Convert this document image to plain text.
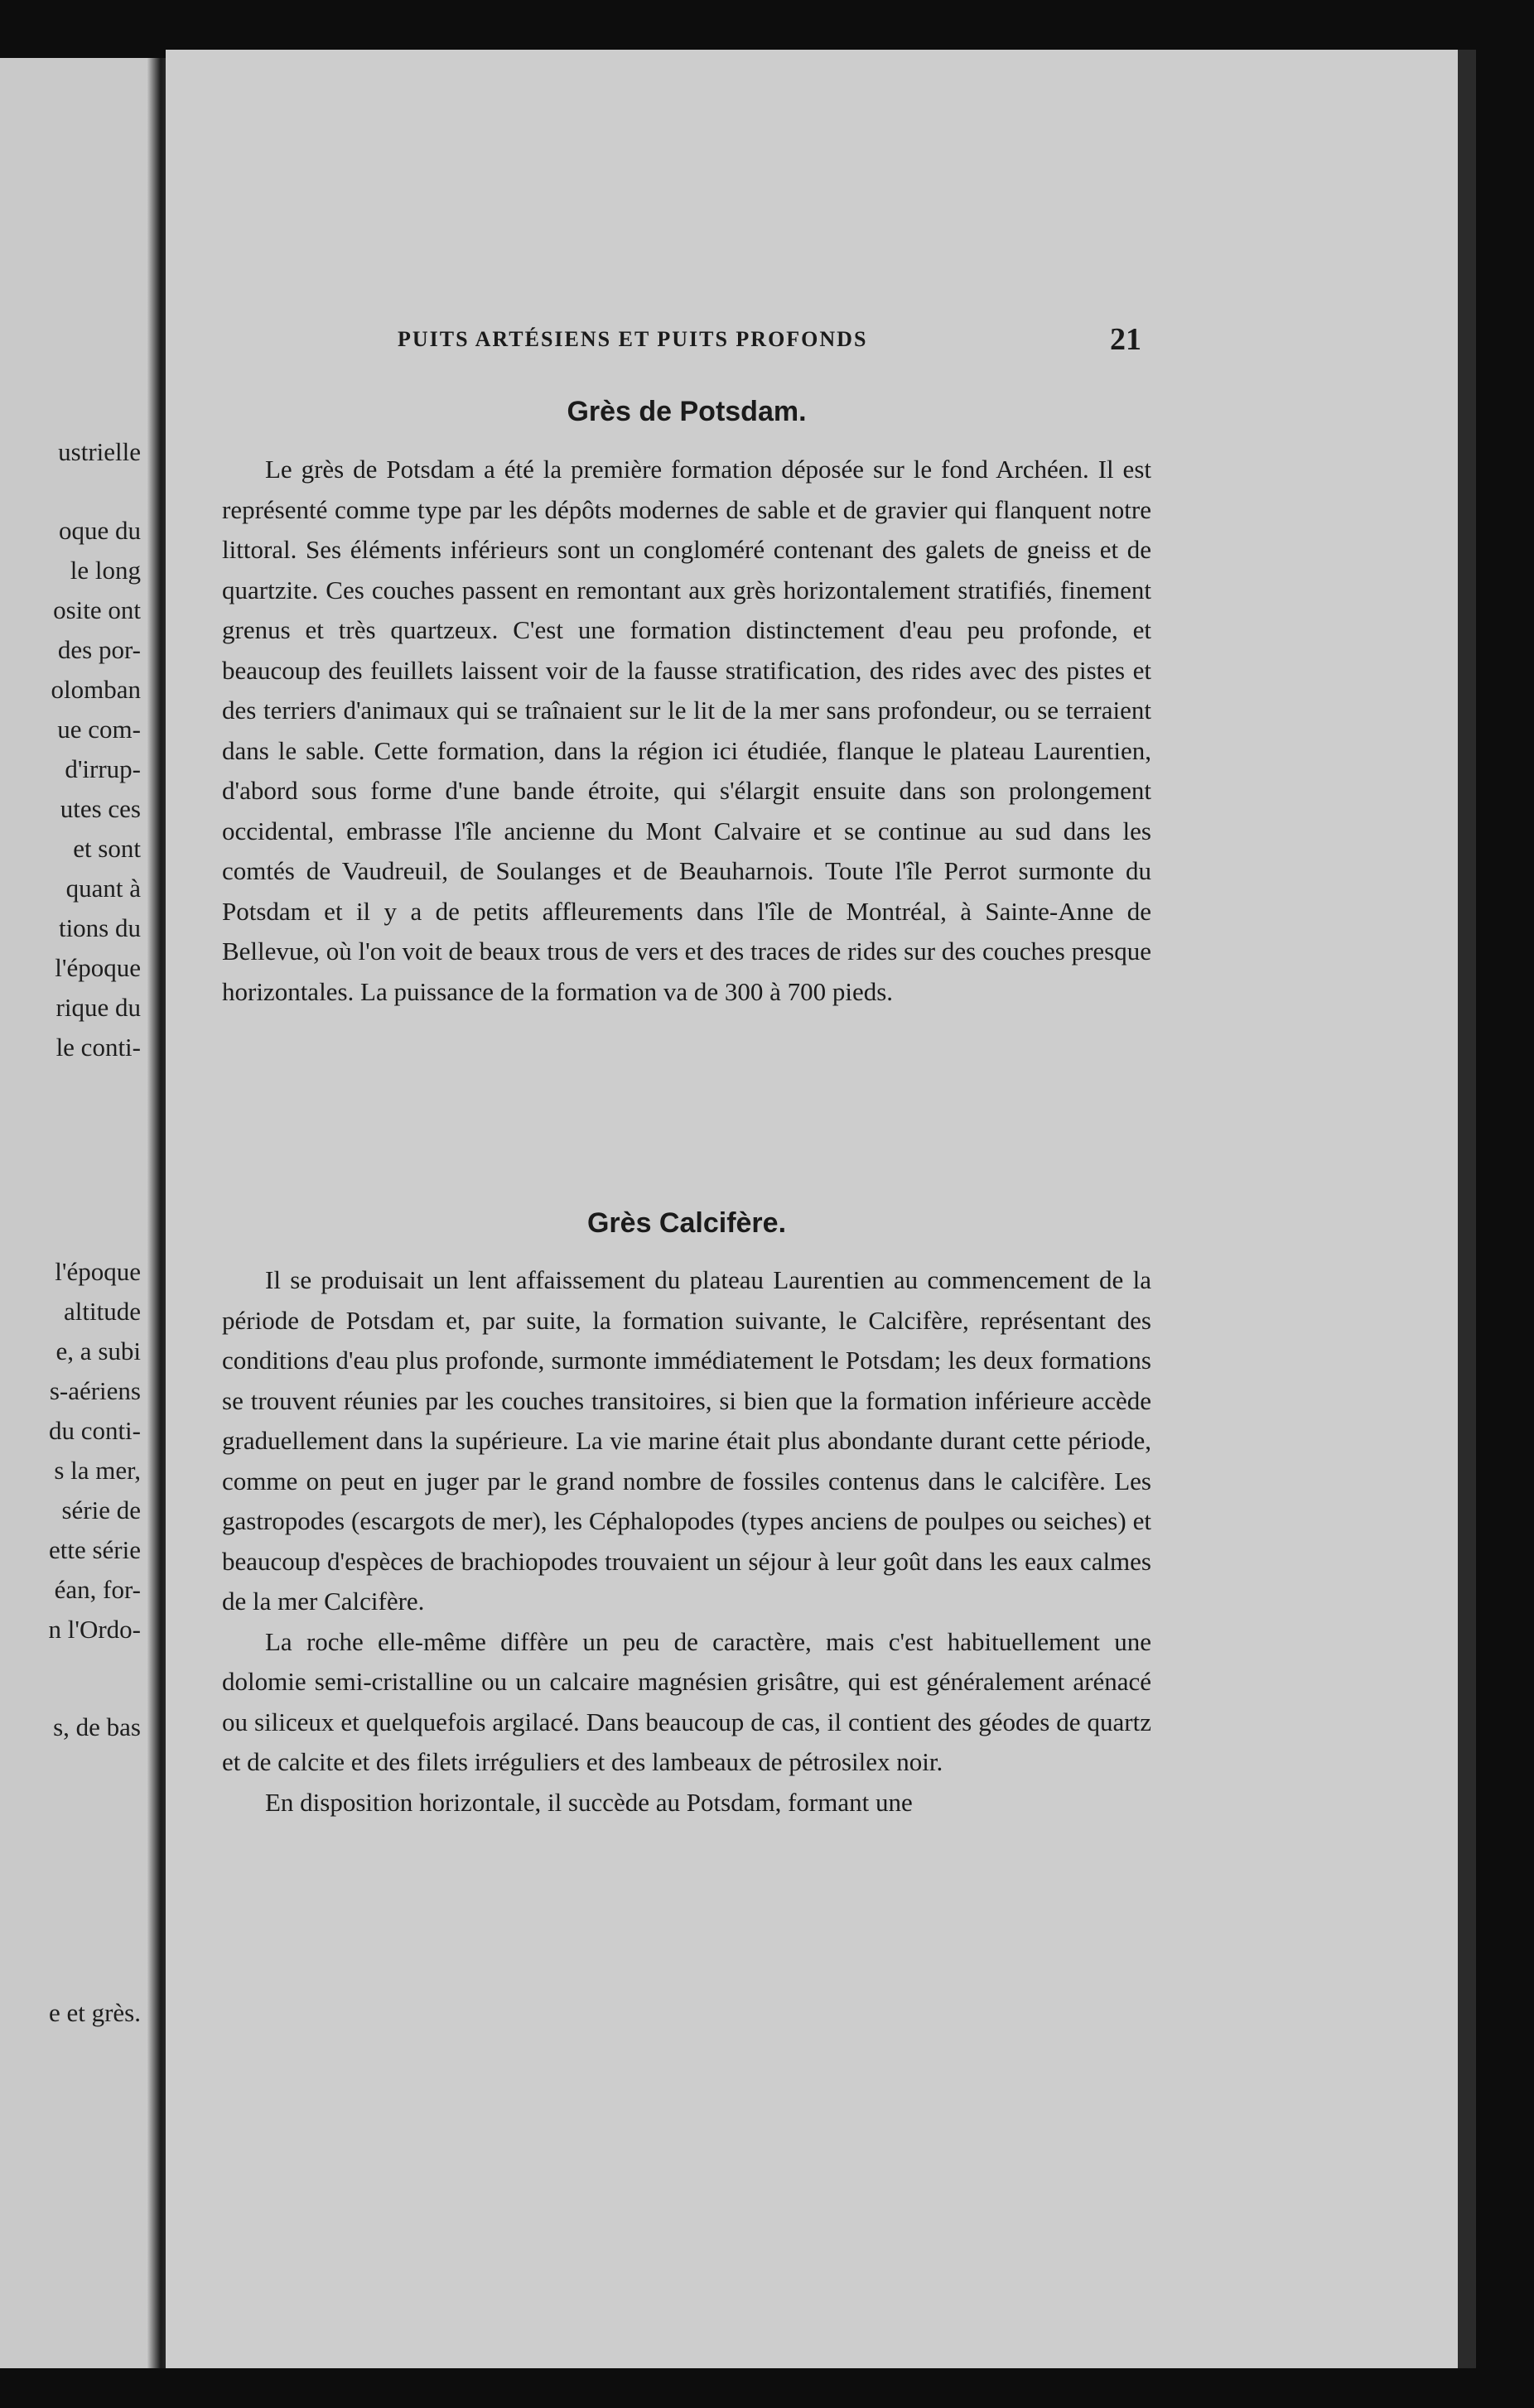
ustrielle
oque du
le long
osite ont
des por-
olomban
ue com-
d'irrup-
utes ces
et sont
quant à
tions du
l'époque
rique du
le conti-
l'époque
altitude
e, a subi
s-aériens
du conti-
s la mer,
série de
ette série
éan, for-
n l'Ordo-
s, de bas
e et grès.
PUITS ARTÉSIENS ET PUITS PROFONDS	21
Grès de Potsdam.

Le grès de Potsdam a été la première formation déposée sur le fond Archéen. Il est représenté comme type par les dépôts modernes de sable et de gravier qui flanquent notre littoral. Ses éléments inférieurs sont un congloméré contenant des galets de gneiss et de quartzite. Ces couches passent en remontant aux grès horizontalement stratifiés, finement grenus et très quartzeux. C'est une formation distinctement d'eau peu profonde, et beaucoup des feuillets laissent voir de la fausse stratification, des rides avec des pistes et des terriers d'animaux qui se traînaient sur le lit de la mer sans profondeur, ou se terraient dans le sable. Cette formation, dans la région ici étudiée, flanque le plateau Laurentien, d'abord sous forme d'une bande étroite, qui s'élargit ensuite dans son prolongement occidental, embrasse l'île ancienne du Mont Calvaire et se continue au sud dans les comtés de Vaudreuil, de Soulanges et de Beauharnois. Toute l'île Perrot surmonte du Potsdam et il y a de petits affleurements dans l'île de Montréal, à Sainte-Anne de Bellevue, où l'on voit de beaux trous de vers et des traces de rides sur des couches presque horizontales. La puissance de la formation va de 300 à 700 pieds.

Grès Calcifère.

Il se produisait un lent affaissement du plateau Laurentien au commencement de la période de Potsdam et, par suite, la formation suivante, le Calcifère, représentant des conditions d'eau plus profonde, surmonte immédiatement le Potsdam; les deux formations se trouvent réunies par les couches transitoires, si bien que la formation inférieure accède graduellement dans la supérieure. La vie marine était plus abondante durant cette période, comme on peut en juger par le grand nombre de fossiles contenus dans le calcifère. Les gastropodes (escargots de mer), les Céphalopodes (types anciens de poulpes ou seiches) et beaucoup d'espèces de brachiopodes trouvaient un séjour à leur goût dans les eaux calmes de la mer Calcifère.

La roche elle-même diffère un peu de caractère, mais c'est habituellement une dolomie semi-cristalline ou un calcaire magnésien grisâtre, qui est généralement arénacé ou siliceux et quelquefois argilacé. Dans beaucoup de cas, il contient des géodes de quartz et de calcite et des filets irréguliers et des lambeaux de pétrosilex noir.

En disposition horizontale, il succède au Potsdam, formant une
